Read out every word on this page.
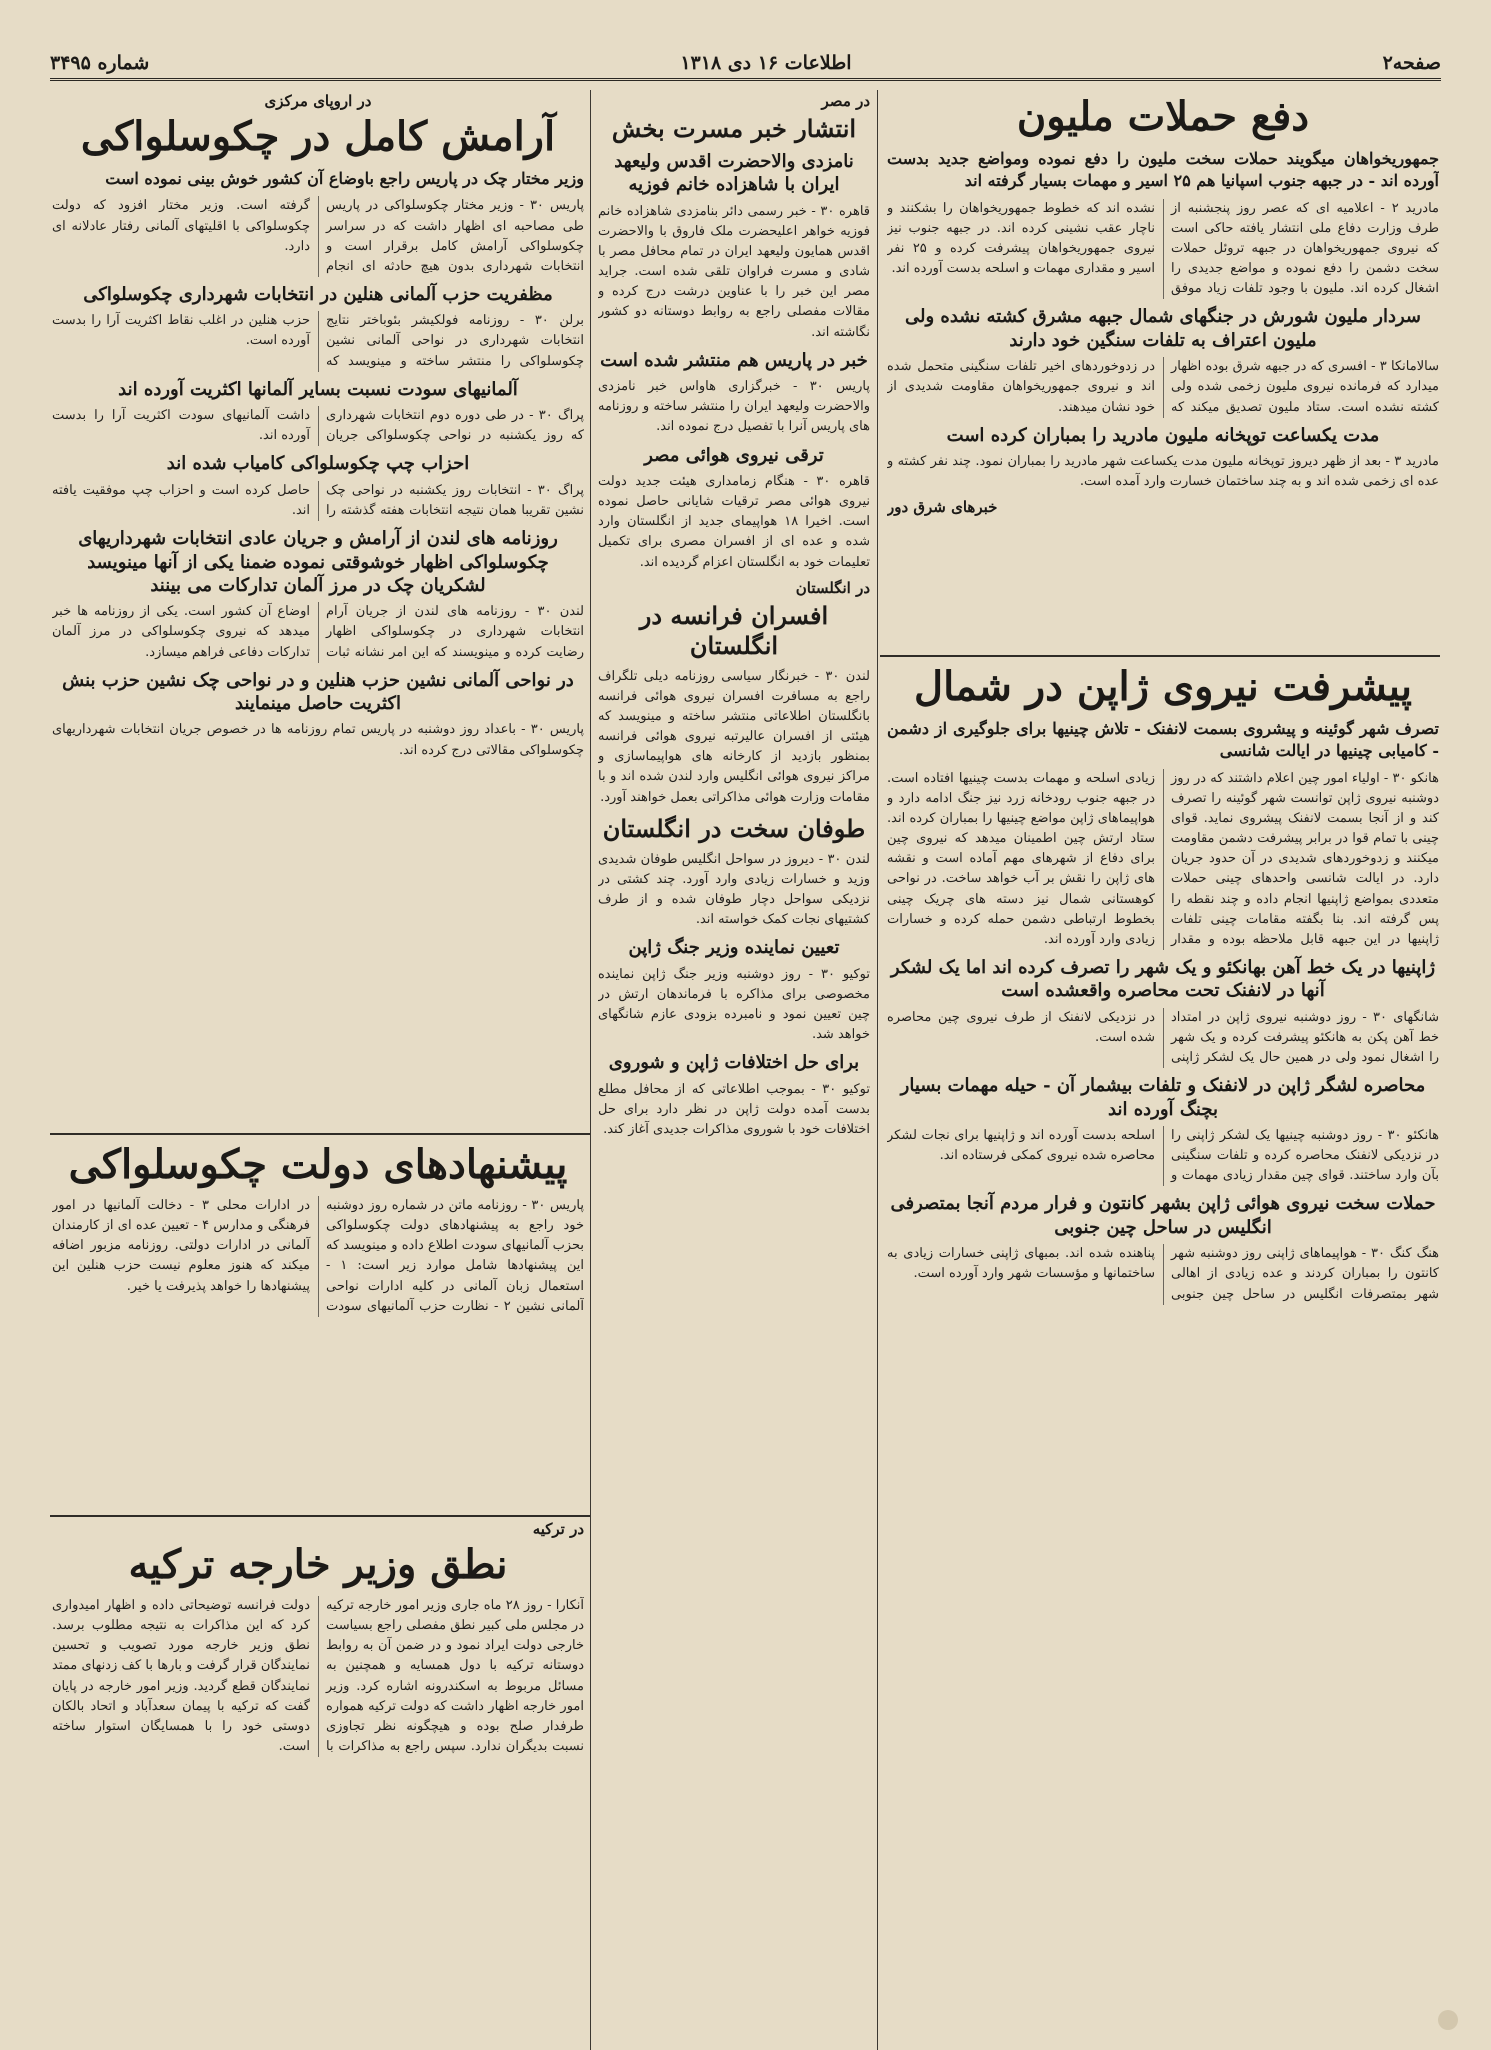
صفحه۲
اطلاعات ۱۶ دی ۱۳۱۸
شماره ۳۴۹۵
دفع حملات ملیون
جمهوریخواهان میگویند حملات سخت ملیون را دفع نموده ومواضع جدید بدست آورده اند - در جبهه جنوب اسپانیا هم ۲۵ اسیر و مهمات بسیار گرفته اند
مادرید ۲ - اعلامیه ای که عصر روز پنجشنبه از طرف وزارت دفاع ملی انتشار یافته حاکی است که نیروی جمهوریخواهان در جبهه تروئل حملات سخت دشمن را دفع نموده و مواضع جدیدی را اشغال کرده اند. ملیون با وجود تلفات زیاد موفق نشده اند که خطوط جمهوریخواهان را بشکنند و ناچار عقب نشینی کرده اند. در جبهه جنوب نیز نیروی جمهوریخواهان پیشرفت کرده و ۲۵ نفر اسیر و مقداری مهمات و اسلحه بدست آورده اند.
سردار ملیون شورش در جنگهای شمال جبهه مشرق کشته نشده ولی ملیون اعتراف به تلفات سنگین خود دارند
سالامانکا ۳ - افسری که در جبهه شرق بوده اظهار میدارد که فرمانده نیروی ملیون زخمی شده ولی کشته نشده است. ستاد ملیون تصدیق میکند که در زدوخوردهای اخیر تلفات سنگینی متحمل شده اند و نیروی جمهوریخواهان مقاومت شدیدی از خود نشان میدهند.
مدت یکساعت توپخانه ملیون مادرید را بمباران کرده است
مادرید ۳ - بعد از ظهر دیروز توپخانه ملیون مدت یکساعت شهر مادرید را بمباران نمود. چند نفر کشته و عده ای زخمی شده اند و به چند ساختمان خسارت وارد آمده است.
خبرهای شرق دور
پیشرفت نیروی ژاپن در شمال
تصرف شهر گوئینه و پیشروی بسمت لانفنک - تلاش چینیها برای جلوگیری از دشمن - کامیابی چینیها در ایالت شانسی
هانکو ۳۰ - اولیاء امور چین اعلام داشتند که در روز دوشنبه نیروی ژاپن توانست شهر گوئینه را تصرف کند و از آنجا بسمت لانفنک پیشروی نماید. قوای چینی با تمام قوا در برابر پیشرفت دشمن مقاومت میکنند و زدوخوردهای شدیدی در آن حدود جریان دارد. در ایالت شانسی واحدهای چینی حملات متعددی بمواضع ژاپنیها انجام داده و چند نقطه را پس گرفته اند. بنا بگفته مقامات چینی تلفات ژاپنیها در این جبهه قابل ملاحظه بوده و مقدار زیادی اسلحه و مهمات بدست چینیها افتاده است. در جبهه جنوب رودخانه زرد نیز جنگ ادامه دارد و هواپیماهای ژاپن مواضع چینیها را بمباران کرده اند. ستاد ارتش چین اطمینان میدهد که نیروی چین برای دفاع از شهرهای مهم آماده است و نقشه های ژاپن را نقش بر آب خواهد ساخت. در نواحی کوهستانی شمال نیز دسته های چریک چینی بخطوط ارتباطی دشمن حمله کرده و خسارات زیادی وارد آورده اند.
ژاپنیها در یک خط آهن بهانکئو و یک شهر را تصرف کرده اند اما یک لشکر آنها در لانفنک تحت محاصره واقعشده است
شانگهای ۳۰ - روز دوشنبه نیروی ژاپن در امتداد خط آهن پکن به هانکئو پیشرفت کرده و یک شهر را اشغال نمود ولی در همین حال یک لشکر ژاپنی در نزدیکی لانفنک از طرف نیروی چین محاصره شده است.
محاصره لشگر ژاپن در لانفنک و تلفات بیشمار آن - حیله مهمات بسیار بچنگ آورده اند
هانکئو ۳۰ - روز دوشنبه چینیها یک لشکر ژاپنی را در نزدیکی لانفنک محاصره کرده و تلفات سنگینی بآن وارد ساختند. قوای چین مقدار زیادی مهمات و اسلحه بدست آورده اند و ژاپنیها برای نجات لشکر محاصره شده نیروی کمکی فرستاده اند.
حملات سخت نیروی هوائی ژاپن بشهر کانتون و فرار مردم آنجا بمتصرفی انگلیس در ساحل چین جنوبی
هنگ کنگ ۳۰ - هواپیماهای ژاپنی روز دوشنبه شهر کانتون را بمباران کردند و عده زیادی از اهالی شهر بمتصرفات انگلیس در ساحل چین جنوبی پناهنده شده اند. بمبهای ژاپنی خسارات زیادی به ساختمانها و مؤسسات شهر وارد آورده است.
در مصر
انتشار خبر مسرت بخش
نامزدی والاحضرت اقدس ولیعهد ایران با شاهزاده خانم فوزیه
قاهره ۳۰ - خبر رسمی دائر بنامزدی شاهزاده خانم فوزیه خواهر اعلیحضرت ملک فاروق با والاحضرت اقدس همایون ولیعهد ایران در تمام محافل مصر با شادی و مسرت فراوان تلقی شده است. جراید مصر این خبر را با عناوین درشت درج کرده و مقالات مفصلی راجع به روابط دوستانه دو کشور نگاشته اند.
خبر در پاریس هم منتشر شده است
پاریس ۳۰ - خبرگزاری هاواس خبر نامزدی والاحضرت ولیعهد ایران را منتشر ساخته و روزنامه های پاریس آنرا با تفصیل درج نموده اند.
ترقی نیروی هوائی مصر
قاهره ۳۰ - هنگام زمامداری هیئت جدید دولت نیروی هوائی مصر ترقیات شایانی حاصل نموده است. اخیرا ۱۸ هواپیمای جدید از انگلستان وارد شده و عده ای از افسران مصری برای تکمیل تعلیمات خود به انگلستان اعزام گردیده اند.
در انگلستان
افسران فرانسه در انگلستان
لندن ۳۰ - خبرنگار سیاسی روزنامه دیلی تلگراف راجع به مسافرت افسران نیروی هوائی فرانسه بانگلستان اطلاعاتی منتشر ساخته و مینویسد که هیئتی از افسران عالیرتبه نیروی هوائی فرانسه بمنظور بازدید از کارخانه های هواپیماسازی و مراکز نیروی هوائی انگلیس وارد لندن شده اند و با مقامات وزارت هوائی مذاکراتی بعمل خواهند آورد.
طوفان سخت در انگلستان
لندن ۳۰ - دیروز در سواحل انگلیس طوفان شدیدی وزید و خسارات زیادی وارد آورد. چند کشتی در نزدیکی سواحل دچار طوفان شده و از طرف کشتیهای نجات کمک خواسته اند.
تعیین نماینده وزیر جنگ ژاپن
توکیو ۳۰ - روز دوشنبه وزیر جنگ ژاپن نماینده مخصوصی برای مذاکره با فرماندهان ارتش در چین تعیین نمود و نامبرده بزودی عازم شانگهای خواهد شد.
برای حل اختلافات ژاپن و شوروی
توکیو ۳۰ - بموجب اطلاعاتی که از محافل مطلع بدست آمده دولت ژاپن در نظر دارد برای حل اختلافات خود با شوروی مذاکرات جدیدی آغاز کند.
در اروپای مرکزی
آرامش کامل در چکوسلواکی
وزیر مختار چک در پاریس راجع باوضاع آن کشور خوش بینی نموده است
پاریس ۳۰ - وزیر مختار چکوسلواکی در پاریس طی مصاحبه ای اظهار داشت که در سراسر چکوسلواکی آرامش کامل برقرار است و انتخابات شهرداری بدون هیچ حادثه ای انجام گرفته است. وزیر مختار افزود که دولت چکوسلواکی با اقلیتهای آلمانی رفتار عادلانه ای دارد.
مظفریت حزب آلمانی هنلین در انتخابات شهرداری چکوسلواکی
برلن ۳۰ - روزنامه فولکیشر بئوباختر نتایج انتخابات شهرداری در نواحی آلمانی نشین چکوسلواکی را منتشر ساخته و مینویسد که حزب هنلین در اغلب نقاط اکثریت آرا را بدست آورده است.
آلمانیهای سودت نسبت بسایر آلمانها اکثریت آورده اند
پراگ ۳۰ - در طی دوره دوم انتخابات شهرداری که روز یکشنبه در نواحی چکوسلواکی جریان داشت آلمانیهای سودت اکثریت آرا را بدست آورده اند.
احزاب چپ چکوسلواکی کامیاب شده اند
پراگ ۳۰ - انتخابات روز یکشنبه در نواحی چک نشین تقریبا همان نتیجه انتخابات هفته گذشته را حاصل کرده است و احزاب چپ موفقیت یافته اند.
روزنامه های لندن از آرامش و جریان عادی انتخابات شهرداریهای چکوسلواکی اظهار خوشوقتی نموده ضمنا یکی از آنها مینویسد لشکریان چک در مرز آلمان تدارکات می بینند
لندن ۳۰ - روزنامه های لندن از جریان آرام انتخابات شهرداری در چکوسلواکی اظهار رضایت کرده و مینویسند که این امر نشانه ثبات اوضاع آن کشور است. یکی از روزنامه ها خبر میدهد که نیروی چکوسلواکی در مرز آلمان تدارکات دفاعی فراهم میسازد.
در نواحی آلمانی نشین حزب هنلین و در نواحی چک نشین حزب بنش اکثریت حاصل مینمایند
پاریس ۳۰ - باعداد روز دوشنبه در پاریس تمام روزنامه ها در خصوص جریان انتخابات شهرداریهای چکوسلواکی مقالاتی درج کرده اند.
پیشنهادهای دولت چکوسلواکی
پاریس ۳۰ - روزنامه ماتن در شماره روز دوشنبه خود راجع به پیشنهادهای دولت چکوسلواکی بحزب آلمانیهای سودت اطلاع داده و مینویسد که این پیشنهادها شامل موارد زیر است: ۱ - استعمال زبان آلمانی در کلیه ادارات نواحی آلمانی نشین ۲ - نظارت حزب آلمانیهای سودت در ادارات محلی ۳ - دخالت آلمانیها در امور فرهنگی و مدارس ۴ - تعیین عده ای از کارمندان آلمانی در ادارات دولتی. روزنامه مزبور اضافه میکند که هنوز معلوم نیست حزب هنلین این پیشنهادها را خواهد پذیرفت یا خیر.
در ترکیه
نطق وزیر خارجه ترکیه
آنکارا - روز ۲۸ ماه جاری وزیر امور خارجه ترکیه در مجلس ملی کبیر نطق مفصلی راجع بسیاست خارجی دولت ایراد نمود و در ضمن آن به روابط دوستانه ترکیه با دول همسایه و همچنین به مسائل مربوط به اسکندرونه اشاره کرد. وزیر امور خارجه اظهار داشت که دولت ترکیه همواره طرفدار صلح بوده و هیچگونه نظر تجاوزی نسبت بدیگران ندارد. سپس راجع به مذاکرات با دولت فرانسه توضیحاتی داده و اظهار امیدواری کرد که این مذاکرات به نتیجه مطلوب برسد. نطق وزیر خارجه مورد تصویب و تحسین نمایندگان قرار گرفت و بارها با کف زدنهای ممتد نمایندگان قطع گردید. وزیر امور خارجه در پایان گفت که ترکیه با پیمان سعدآباد و اتحاد بالکان دوستی خود را با همسایگان استوار ساخته است.
